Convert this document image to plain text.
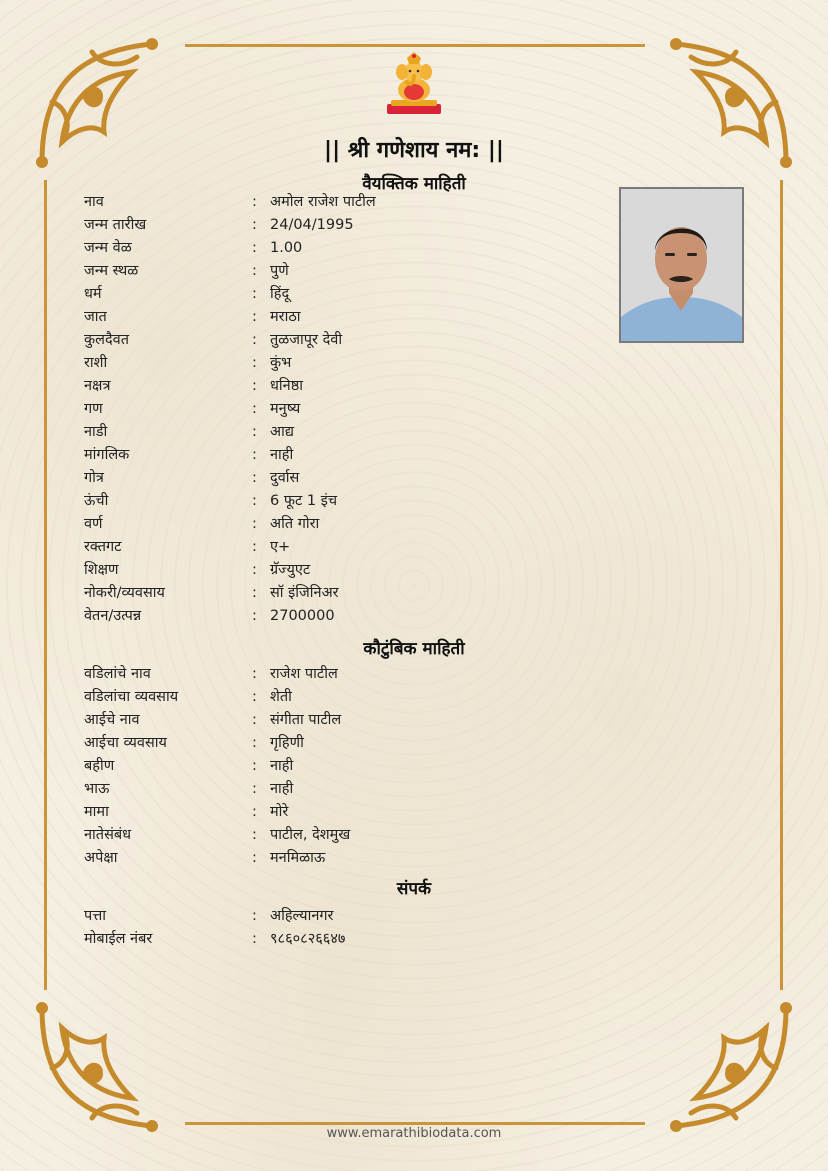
|| श्री गणेशाय नम: ||
वैयक्तिक माहिती
कौटुंबिक माहिती
संपर्क
नाव	: अमोल राजेश पाटील
जन्म तारीख	: 24/04/1995
जन्म वेळ	: 1.00
जन्म स्थळ	: पुणे
धर्म	: हिंदू
जात	: मराठा
कुलदैवत	: तुळजापूर देवी
राशी	: कुंभ
नक्षत्र	: धनिष्ठा
गण	: मनुष्य
नाडी	: आद्य
मांगलिक	: नाही
गोत्र	: दुर्वास
ऊंची	: 6 फूट 1 इंच
वर्ण	: अति गोरा
रक्तगट	: ए+
शिक्षण	: ग्रॅज्युएट
नोकरी/व्यवसाय	: सॉ इंजिनिअर
वेतन/उत्पन्न	: 2700000
वडिलांचे नाव	: राजेश पाटील
वडिलांचा व्यवसाय	: शेती
आईचे नाव	: संगीता पाटील
आईचा व्यवसाय	: गृहिणी
बहीण	: नाही
भाऊ	: नाही
मामा	: मोरे
नातेसंबंध	: पाटील, देशमुख
अपेक्षा	: मनमिळाऊ
पत्ता	: अहिल्यानगर
मोबाईल नंबर	: ९८६०८२६६४७
www.emarathibiodata.com
